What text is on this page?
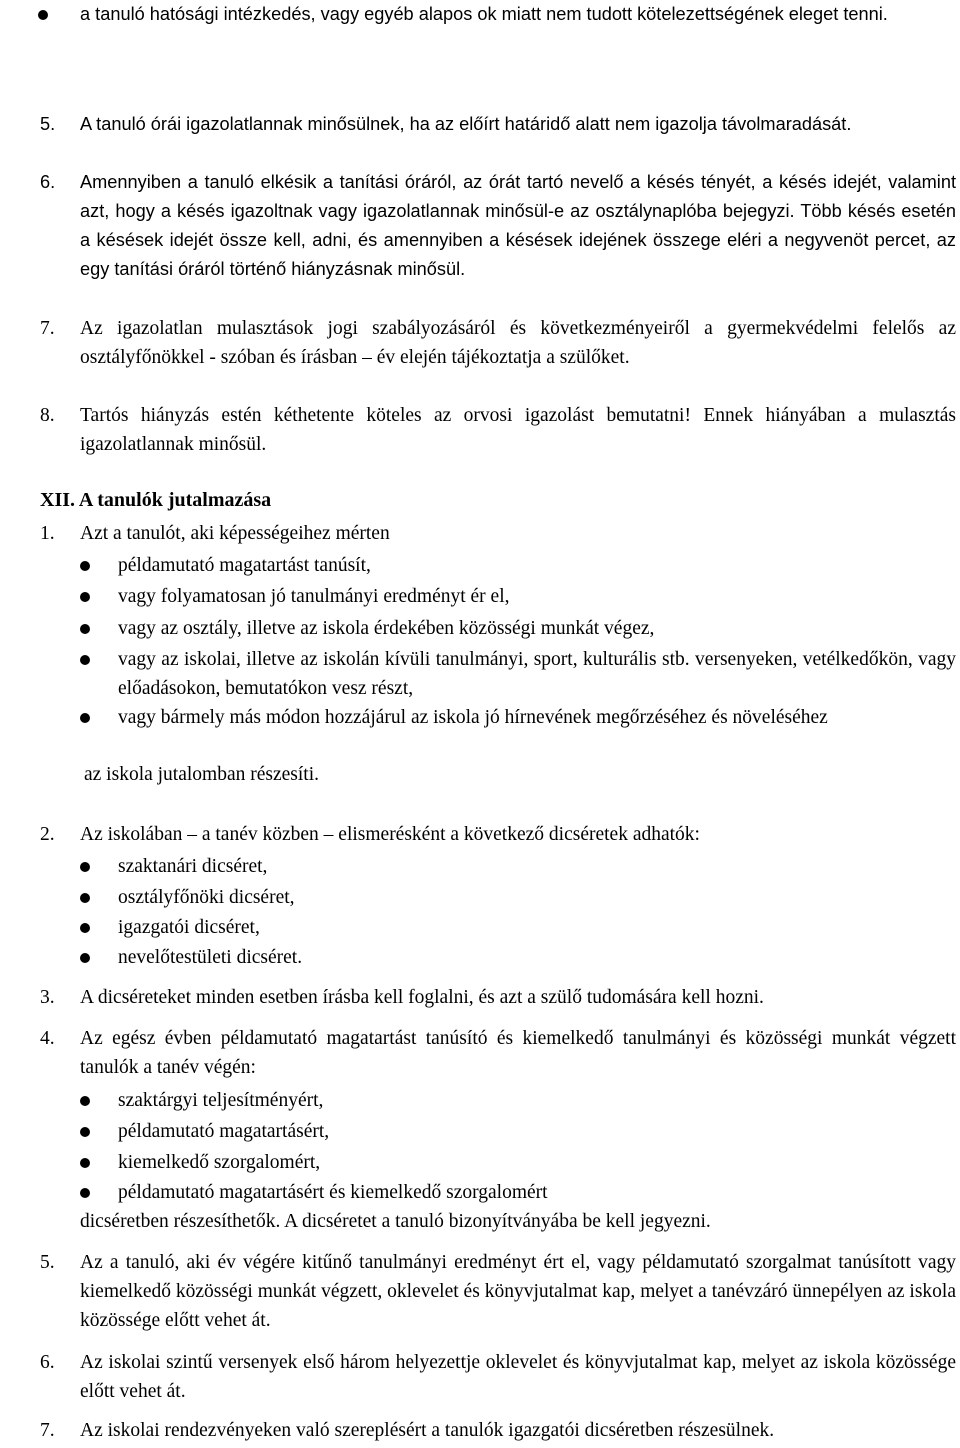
a tanuló hatósági intézkedés, vagy egyéb alapos ok miatt nem tudott kötelezettségének eleget tenni.
5. A tanuló órái igazolatlannak minősülnek, ha az előírt határidő alatt nem igazolja távolmaradását.
6. Amennyiben a tanuló elkésik a tanítási óráról, az órát tartó nevelő a késés tényét, a késés idejét, valamint azt, hogy a késés igazoltnak vagy igazolatlannak minősül-e az osztálynaplóba bejegyzi. Több késés esetén a késések idejét össze kell, adni, és amennyiben a késések idejének összege eléri a negyvenöt percet, az egy tanítási óráról történő hiányzásnak minősül.
7. Az igazolatlan mulasztások jogi szabályozásáról és következményeiről a gyermekvédelmi felelős az osztályfőnökkel - szóban és írásban – év elején tájékoztatja a szülőket.
8. Tartós hiányzás estén kéthetente köteles az orvosi igazolást bemutatni! Ennek hiányában a mulasztás igazolatlannak minősül.
XII. A tanulók jutalmazása
1. Azt a tanulót, aki képességeihez mérten
példamutató magatartást tanúsít,
vagy folyamatosan jó tanulmányi eredményt ér el,
vagy az osztály, illetve az iskola érdekében közösségi munkát végez,
vagy az iskolai, illetve az iskolán kívüli tanulmányi, sport, kulturális stb. versenyeken, vetélkedőkön, vagy előadásokon, bemutatókon vesz részt,
vagy bármely más módon hozzájárul az iskola jó hírnevének megőrzéséhez és növeléséhez
az iskola jutalomban részesíti.
2. Az iskolában – a tanév közben – elismerésként a következő dicséretek adhatók:
szaktanári dicséret,
osztályfőnöki dicséret,
igazgatói dicséret,
nevelőtestületi dicséret.
3. A dicséreteket minden esetben írásba kell foglalni, és azt a szülő tudomására kell hozni.
4. Az egész évben példamutató magatartást tanúsító és kiemelkedő tanulmányi és közösségi munkát végzett tanulók a tanév végén:
szaktárgyi teljesítményért,
példamutató magatartásért,
kiemelkedő szorgalomért,
példamutató magatartásért és kiemelkedő szorgalomért
dicséretben részesíthetők. A dicséretet a tanuló bizonyítványába be kell jegyezni.
5. Az a tanuló, aki év végére kitűnő tanulmányi eredményt ért el, vagy példamutató szorgalmat tanúsított vagy kiemelkedő közösségi munkát végzett, oklevelet és könyvjutalmat kap, melyet a tanévzáró ünnepélyen az iskola közössége előtt vehet át.
6. Az iskolai szintű versenyek első három helyezettje oklevelet és könyvjutalmat kap, melyet az iskola közössége előtt vehet át.
7. Az iskolai rendezvényeken való szereplésért a tanulók igazgatói dicséretben részesülnek.
